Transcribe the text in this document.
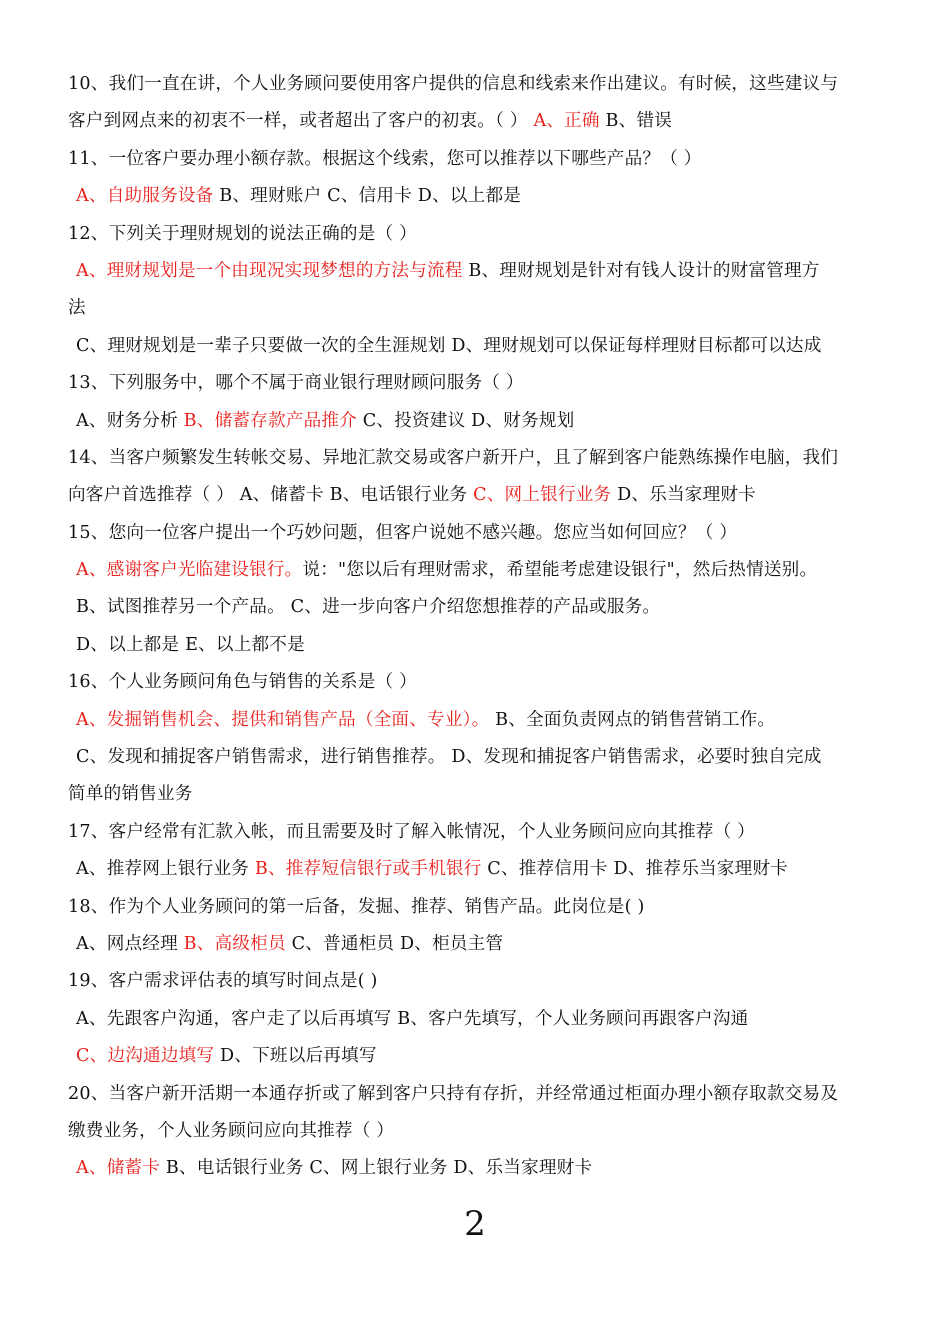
10、我们一直在讲，个人业务顾问要使用客户提供的信息和线索来作出建议。有时候，这些建议与
客户到网点来的初衷不一样，或者超出了客户的初衷。（ ） A、正确 B、错误
11、一位客户要办理小额存款。根据这个线索，您可以推荐以下哪些产品？（ ）
A、自助服务设备 B、理财账户 C、信用卡 D、以上都是
12、下列关于理财规划的说法正确的是（ ）
A、理财规划是一个由现况实现梦想的方法与流程 B、理财规划是针对有钱人设计的财富管理方
法
C、理财规划是一辈子只要做一次的全生涯规划 D、理财规划可以保证每样理财目标都可以达成
13、下列服务中，哪个不属于商业银行理财顾问服务（ ）
A、财务分析 B、储蓄存款产品推介 C、投资建议 D、财务规划
14、当客户频繁发生转帐交易、异地汇款交易或客户新开户，且了解到客户能熟练操作电脑，我们
向客户首选推荐（ ） A、储蓄卡 B、电话银行业务 C、网上银行业务 D、乐当家理财卡
15、您向一位客户提出一个巧妙问题，但客户说她不感兴趣。您应当如何回应？（ ）
A、感谢客户光临建设银行。说："您以后有理财需求，希望能考虑建设银行"，然后热情送别。
B、试图推荐另一个产品。 C、进一步向客户介绍您想推荐的产品或服务。
D、以上都是 E、以上都不是
16、个人业务顾问角色与销售的关系是（ ）
A、发掘销售机会、提供和销售产品（全面、专业）。 B、全面负责网点的销售营销工作。
C、发现和捕捉客户销售需求，进行销售推荐。 D、发现和捕捉客户销售需求，必要时独自完成
简单的销售业务
17、客户经常有汇款入帐，而且需要及时了解入帐情况，个人业务顾问应向其推荐（ ）
A、推荐网上银行业务 B、推荐短信银行或手机银行 C、推荐信用卡 D、推荐乐当家理财卡
18、作为个人业务顾问的第一后备，发掘、推荐、销售产品。此岗位是( )
A、网点经理 B、高级柜员 C、普通柜员 D、柜员主管
19、客户需求评估表的填写时间点是( )
A、先跟客户沟通，客户走了以后再填写 B、客户先填写，个人业务顾问再跟客户沟通
C、边沟通边填写 D、下班以后再填写
20、当客户新开活期一本通存折或了解到客户只持有存折，并经常通过柜面办理小额存取款交易及
缴费业务，个人业务顾问应向其推荐（ ）
A、储蓄卡 B、电话银行业务 C、网上银行业务 D、乐当家理财卡
2
